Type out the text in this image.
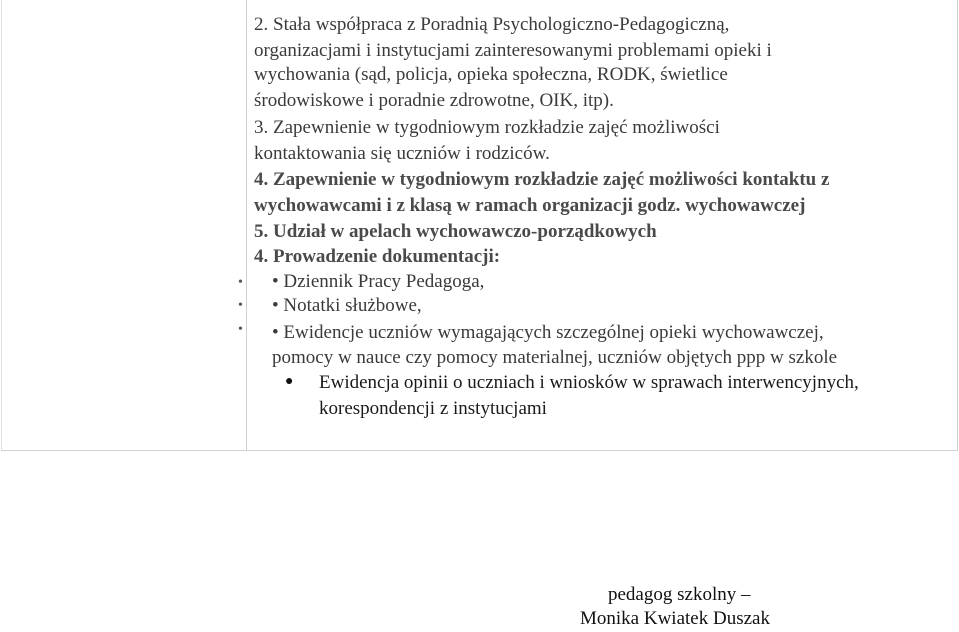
2. Stała współpraca z Poradnią Psychologiczno-Pedagogiczną,
organizacjami i instytucjami zainteresowanymi problemami opieki i
wychowania (sąd, policja, opieka społeczna, RODK, świetlice
środowiskowe i poradnie zdrowotne, OIK, itp).
3. Zapewnienie w tygodniowym rozkładzie zajęć możliwości
kontaktowania się uczniów i rodziców.
4. Zapewnienie w tygodniowym rozkładzie zajęć możliwości kontaktu z
wychowawcami i z klasą w ramach organizacji godz. wychowawczej
5. Udział w apelach wychowawczo-porządkowych
4. Prowadzenie dokumentacji:
•
•
•
• Dziennik Pracy Pedagoga,
• Notatki służbowe,
• Ewidencje uczniów wymagających szczególnej opieki wychowawczej,
pomocy w nauce czy pomocy materialnej, uczniów objętych ppp w szkole
● Ewidencja opinii o uczniach i wniosków w sprawach interwencyjnych,
korespondencji z instytucjami
pedagog szkolny –
Monika Kwiatek Duszak
